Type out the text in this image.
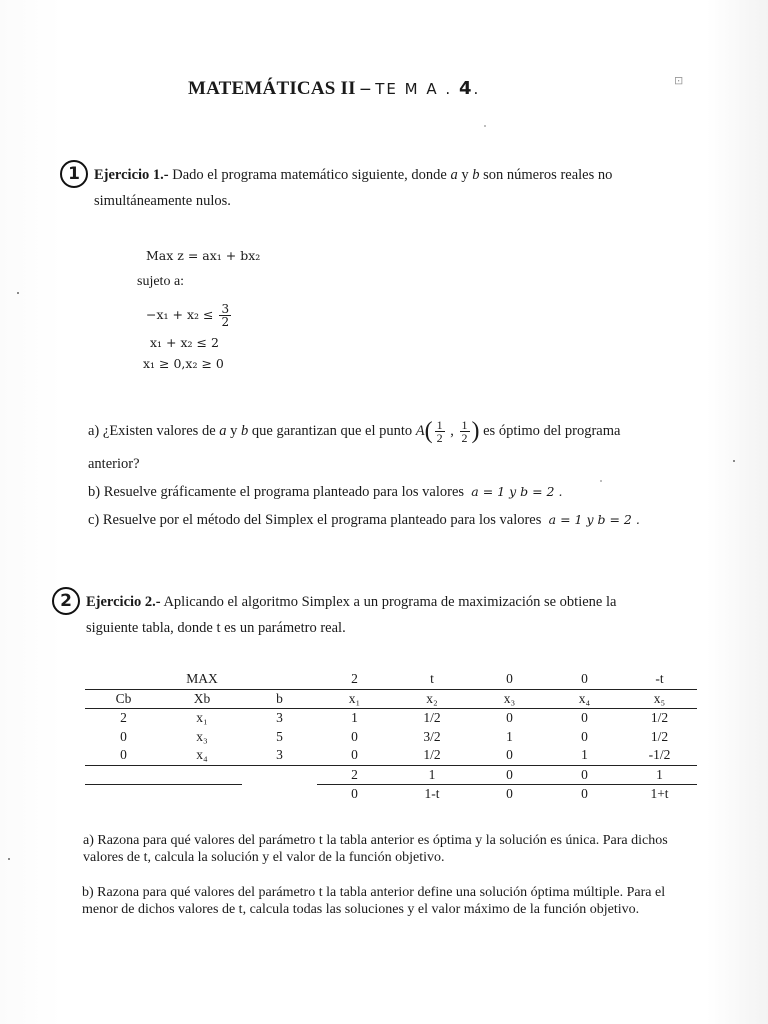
MATEMÁTICAS II – TE M A . 4.	⊡
1 Ejercicio 1.- Dado el programa matemático siguiente, donde a y b son números reales no
simultáneamente nulos.
Max z = ax₁ + bx₂
sujeto a:
$-x_1 + x_2 \le \frac{3}{2}$
x₁ + x₂ ≤ 2
x₁ ≥ 0,x₂ ≥ 0
a) ¿Existen valores de a y b que garantizan que el punto $A( \frac{1}{2}$ , $\frac{1}{2}$ ) es óptimo del programa
anterior?
b) Resuelve gráficamente el programa planteado para los valores a = 1 y b = 2 .
c) Resuelve por el método del Simplex el programa planteado para los valores a = 1 y b = 2 .
2 Ejercicio 2.- Aplicando el algoritmo Simplex a un programa de maximización se obtiene la
siguiente tabla, donde t es un parámetro real.
	MAX		2	t	0	0	-t
Cb	Xb	b	x₁	x₂	x₃	x₄	x₅
2	x₁	3	1	1/2	0	0	1/2
0	x₃	5	0	3/2	1	0	1/2
0	x₄	3	0	1/2	0	1	-1/2
			2	1	0	0	1
			0	1-t	0	0	1+t
a) Razona para qué valores del parámetro t la tabla anterior es óptima y la solución es única. Para dichos valores de t, calcula la solución y el valor de la función objetivo.
b) Razona para qué valores del parámetro t la tabla anterior define una solución óptima múltiple. Para el menor de dichos valores de t, calcula todas las soluciones y el valor máximo de la función objetivo.
